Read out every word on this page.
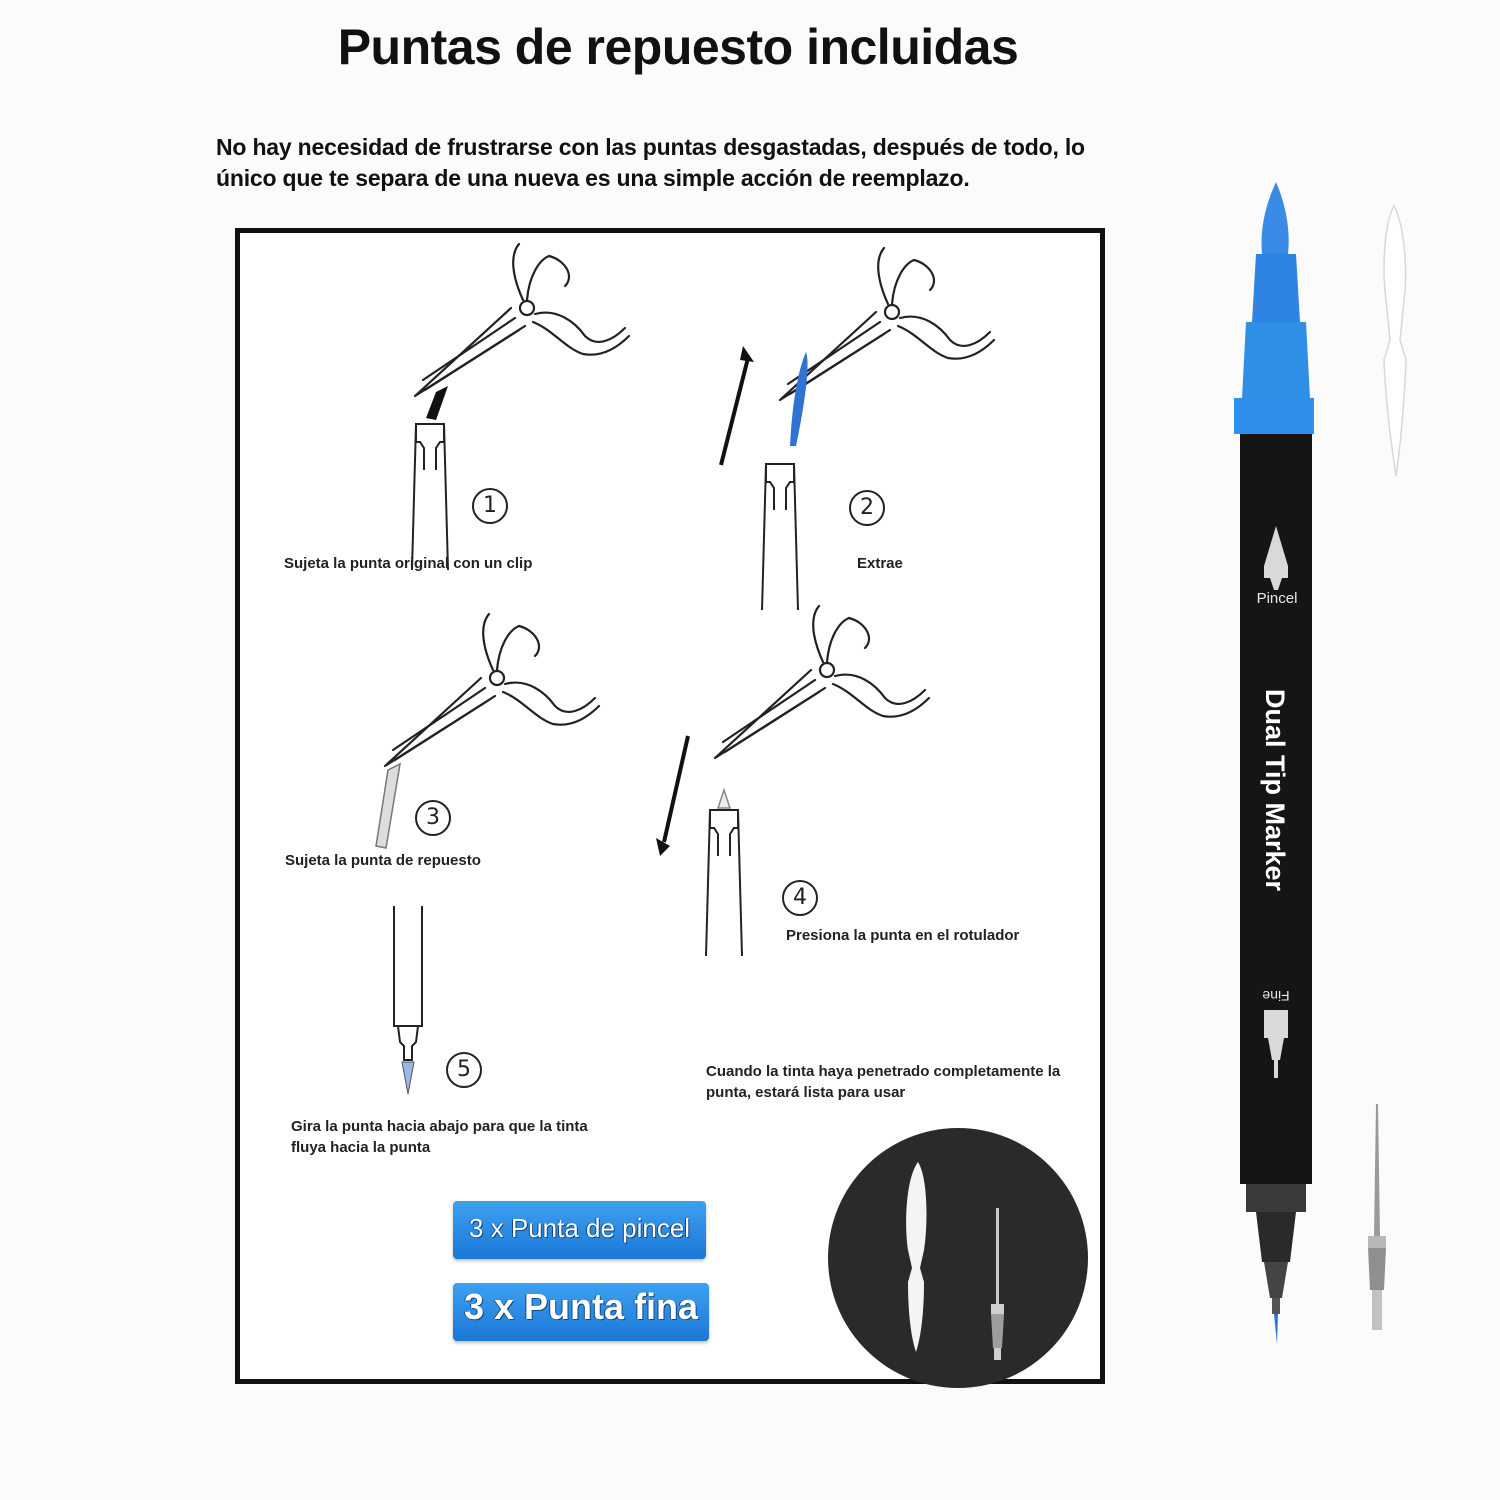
Puntas de repuesto incluidas
No hay necesidad de frustrarse con las puntas desgastadas, después de todo, lo
único que te separa de una nueva es una simple acción de reemplazo.
1
Sujeta la punta original con un clip
2
Extrae
3
Sujeta la punta de repuesto
4
Presiona la punta en el rotulador
5
Gira la punta hacia abajo para que la tinta
fluya hacia la punta
Cuando la tinta haya penetrado completamente la
punta, estará lista para usar
3 x Punta de pincel
3 x Punta fina
Pincel
Dual Tip Marker
Fine
